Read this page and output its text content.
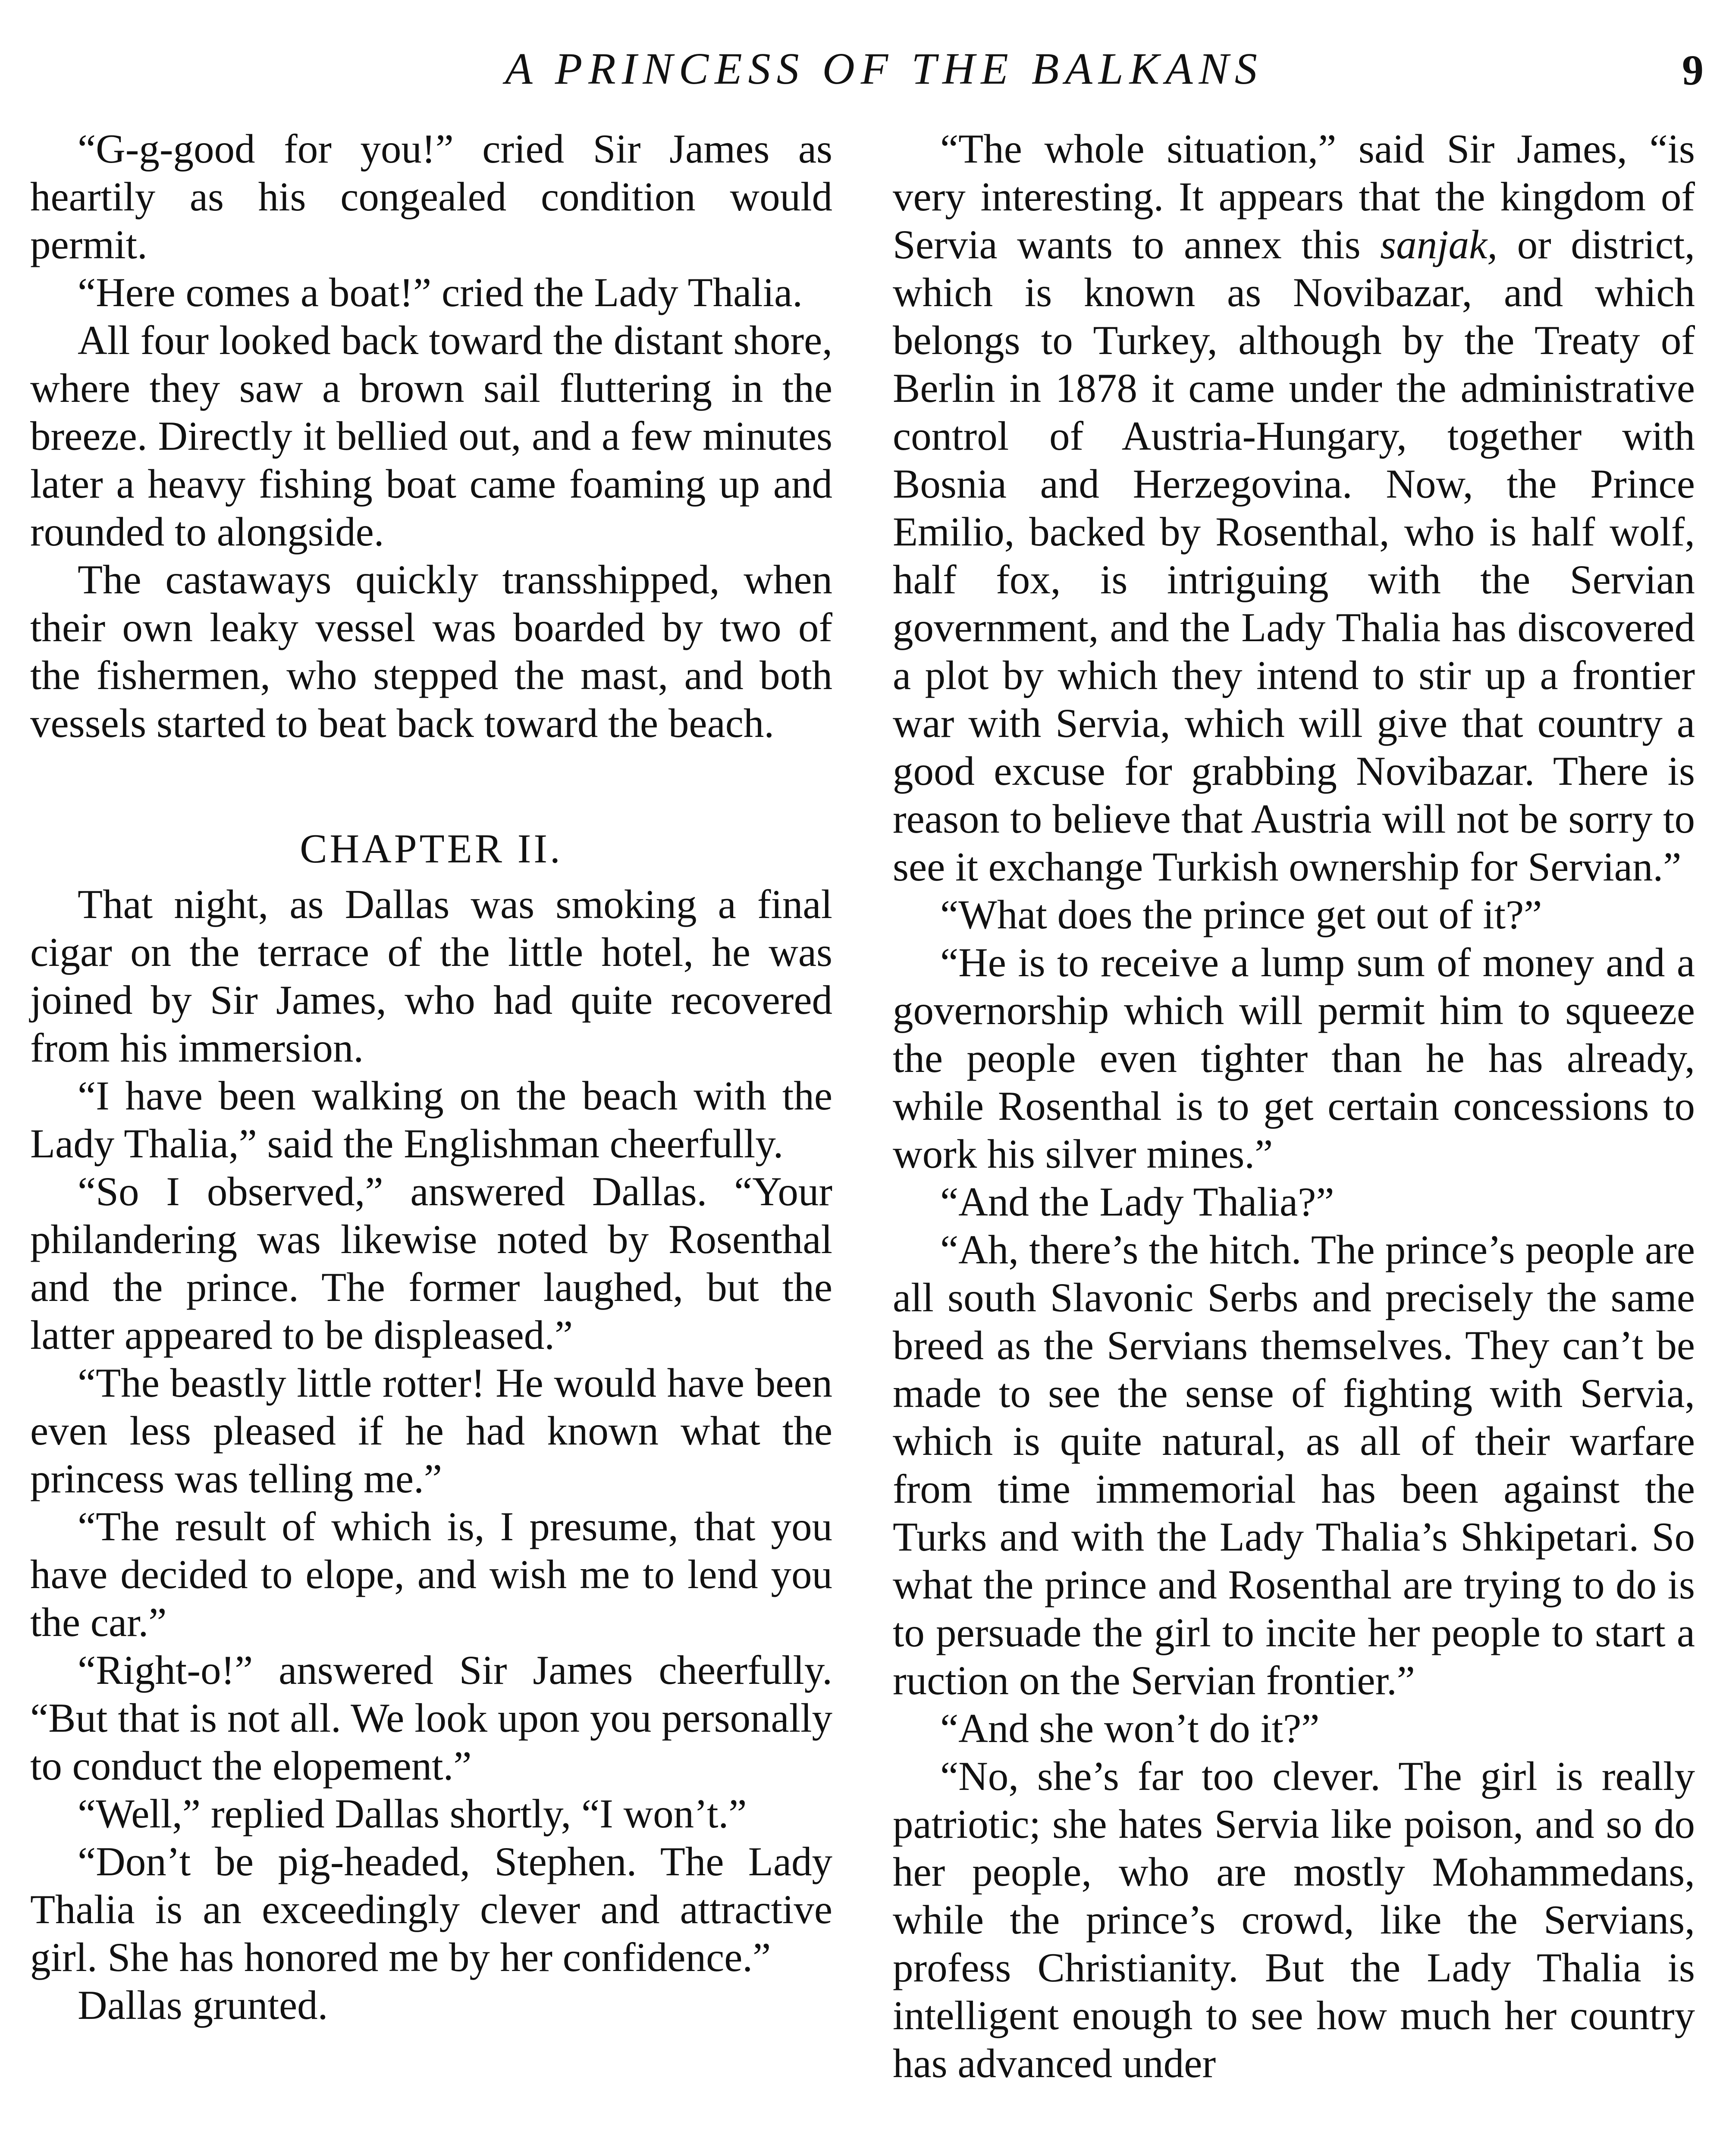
A PRINCESS OF THE BALKANS	9

“G-g-good for you!” cried Sir James as heartily as his congealed condition would permit.

“Here comes a boat!” cried the Lady Thalia.

All four looked back toward the distant shore, where they saw a brown sail fluttering in the breeze. Directly it bellied out, and a few minutes later a heavy fishing boat came foaming up and rounded to alongside.

The castaways quickly transshipped, when their own leaky vessel was boarded by two of the fishermen, who stepped the mast, and both vessels started to beat back toward the beach.

CHAPTER II.

That night, as Dallas was smoking a final cigar on the terrace of the little hotel, he was joined by Sir James, who had quite recovered from his immersion.

“I have been walking on the beach with the Lady Thalia,” said the Englishman cheerfully.

“So I observed,” answered Dallas. “Your philandering was likewise noted by Rosenthal and the prince. The former laughed, but the latter appeared to be displeased.”

“The beastly little rotter! He would have been even less pleased if he had known what the princess was telling me.”

“The result of which is, I presume, that you have decided to elope, and wish me to lend you the car.”

“Right-o!” answered Sir James cheerfully. “But that is not all. We look upon you personally to conduct the elopement.”

“Well,” replied Dallas shortly, “I won’t.”

“Don’t be pig-headed, Stephen. The Lady Thalia is an exceedingly clever and attractive girl. She has honored me by her confidence.”

Dallas grunted.

“The whole situation,” said Sir James, “is very interesting. It appears that the kingdom of Servia wants to annex this sanjak, or district, which is known as Novibazar, and which belongs to Turkey, although by the Treaty of Berlin in 1878 it came under the administrative control of Austria-Hungary, together with Bosnia and Herzegovina. Now, the Prince Emilio, backed by Rosenthal, who is half wolf, half fox, is intriguing with the Servian government, and the Lady Thalia has discovered a plot by which they intend to stir up a frontier war with Servia, which will give that country a good excuse for grabbing Novibazar. There is reason to believe that Austria will not be sorry to see it exchange Turkish ownership for Servian.”

“What does the prince get out of it?”

“He is to receive a lump sum of money and a governorship which will permit him to squeeze the people even tighter than he has already, while Rosenthal is to get certain concessions to work his silver mines.”

“And the Lady Thalia?”

“Ah, there’s the hitch. The prince’s people are all south Slavonic Serbs and precisely the same breed as the Servians themselves. They can’t be made to see the sense of fighting with Servia, which is quite natural, as all of their warfare from time immemorial has been against the Turks and with the Lady Thalia’s Shkipetari. So what the prince and Rosenthal are trying to do is to persuade the girl to incite her people to start a ruction on the Servian frontier.”

“And she won’t do it?”

“No, she’s far too clever. The girl is really patriotic; she hates Servia like poison, and so do her people, who are mostly Mohammedans, while the prince’s crowd, like the Servians, profess Christianity. But the Lady Thalia is intelligent enough to see how much her country has advanced under
